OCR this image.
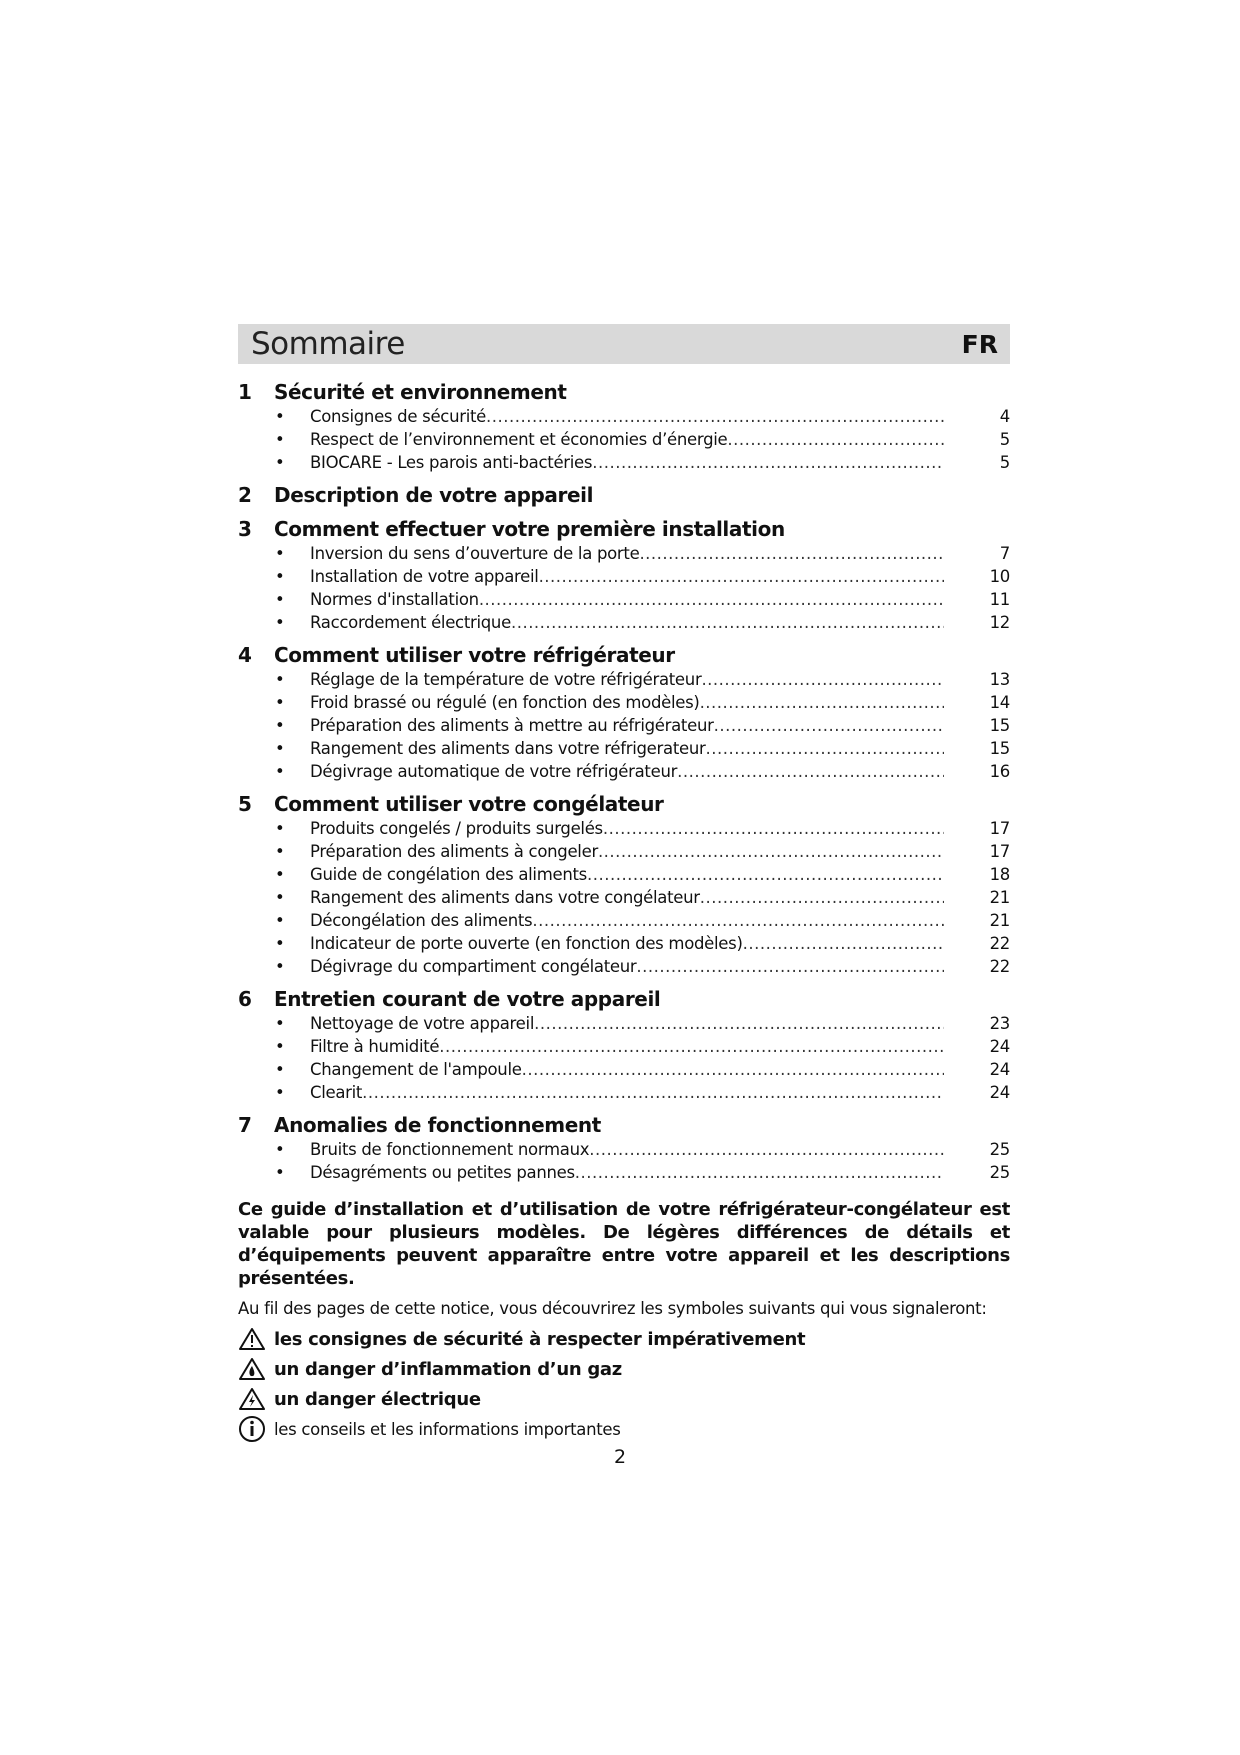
Sommaire	FR
1	Sécurité et environnement
•	Consignes de sécurité .....	4
•	Respect de l’environnement et économies d’énergie .....	5
•	BIOCARE - Les parois anti-bactéries .....	5
2	Description de votre appareil
3	Comment effectuer votre première installation
•	Inversion du sens d’ouverture de la porte .....	7
•	Installation de votre appareil .....	10
•	Normes d'installation .....	11
•	Raccordement électrique .....	12
4	Comment utiliser votre réfrigérateur
•	Réglage de la température de votre réfrigérateur .....	13
•	Froid brassé ou régulé (en fonction des modèles) .....	14
•	Préparation des aliments à mettre au réfrigérateur .....	15
•	Rangement des aliments dans votre réfrigerateur .....	15
•	Dégivrage automatique de votre réfrigérateur .....	16
5	Comment utiliser votre congélateur
•	Produits congelés / produits surgelés .....	17
•	Préparation des aliments à congeler .....	17
•	Guide de congélation des aliments .....	18
•	Rangement des aliments dans votre congélateur .....	21
•	Décongélation des aliments .....	21
•	Indicateur de porte ouverte (en fonction des modèles) .....	22
•	Dégivrage du compartiment congélateur .....	22
6	Entretien courant de votre appareil
•	Nettoyage de votre appareil .....	23
•	Filtre à humidité .....	24
•	Changement de l'ampoule .....	24
•	Clearit .....	24
7	Anomalies de fonctionnement
•	Bruits de fonctionnement normaux .....	25
•	Désagréments ou petites pannes .....	25

Ce guide d’installation et d’utilisation de votre réfrigérateur-congélateur est valable pour plusieurs modèles. De légères différences de détails et d’équipements peuvent apparaître entre votre appareil et les descriptions présentées.

Au fil des pages de cette notice, vous découvrirez les symboles suivants qui vous signaleront:

les consignes de sécurité à respecter impérativement
un danger d’inflammation d’un gaz
un danger électrique
les conseils et les informations importantes
2
